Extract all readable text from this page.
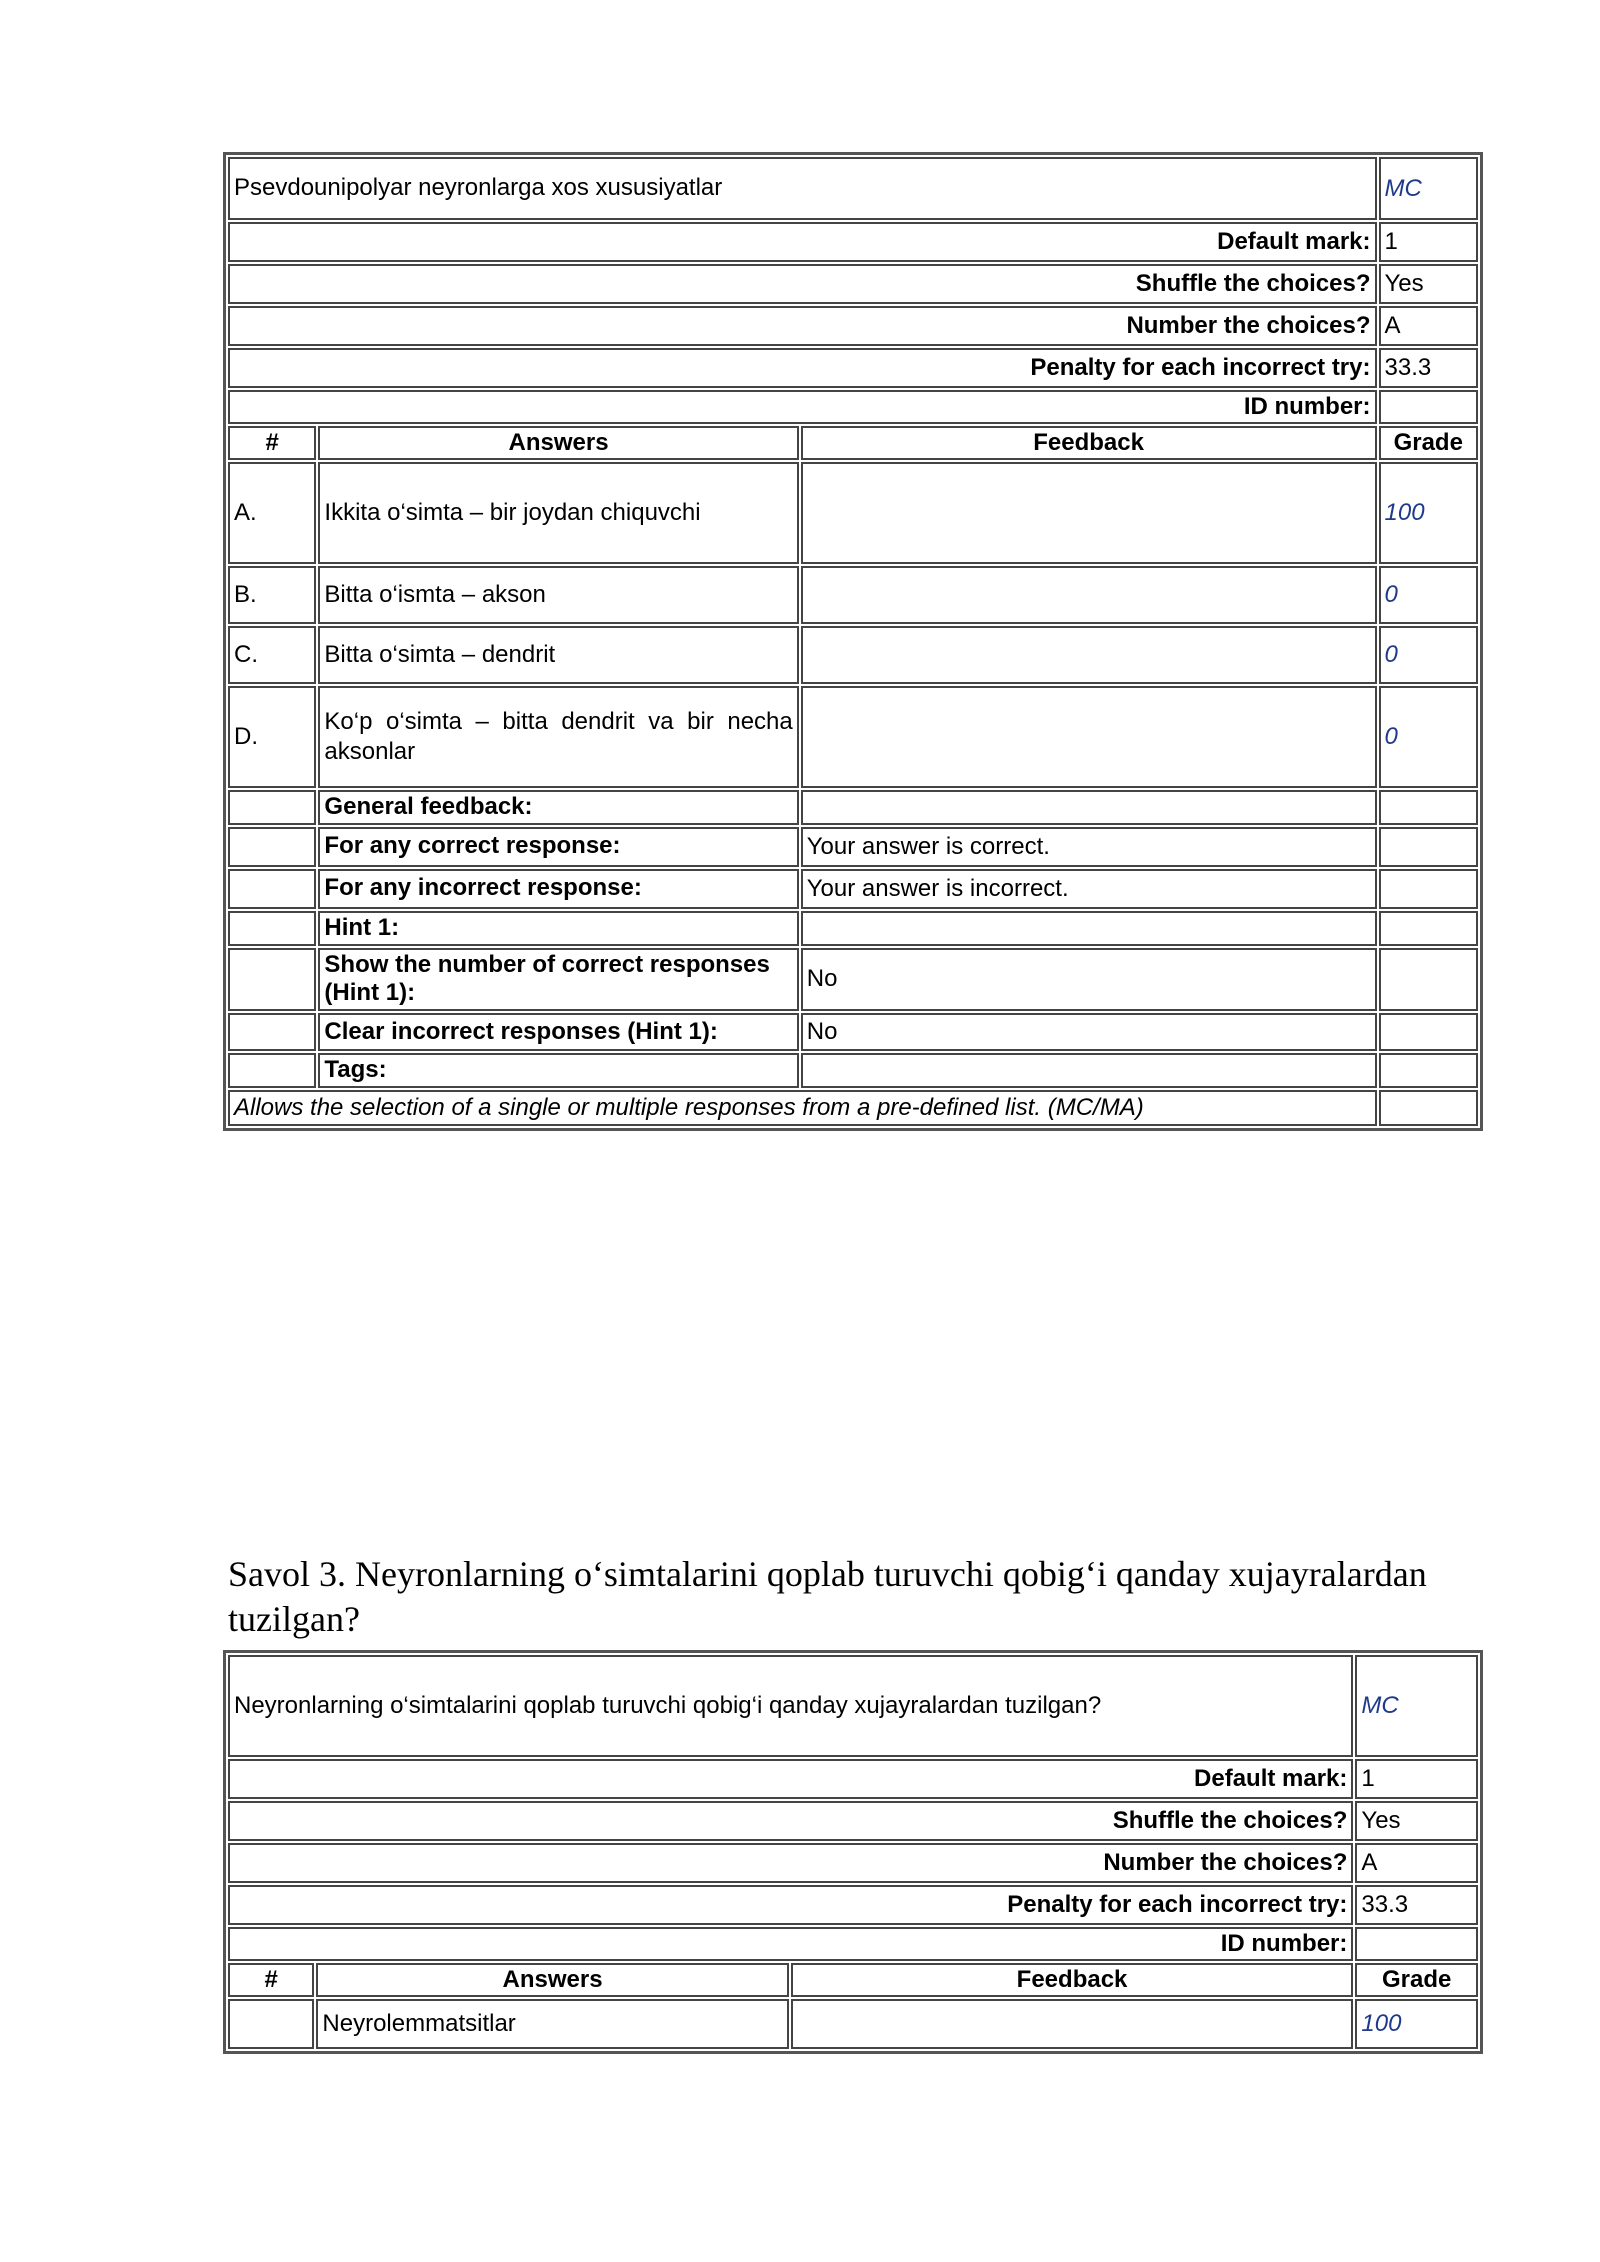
Psevdounipolyar neyronlarga xos xususiyatlar			MC
Default mark:			1
Shuffle the choices?			Yes
Number the choices?			A
Penalty for each incorrect try:			33.3
ID number:			
#	Answers	Feedback	Grade
A.	Ikkita o‘simta – bir joydan chiquvchi		100
B.	Bitta o‘ismta – akson		0
C.	Bitta o‘simta – dendrit		0
D.	Ko‘p o‘simta – bitta dendrit va bir necha aksonlar		0
	General feedback:		
	For any correct response:	Your answer is correct.	
	For any incorrect response:	Your answer is incorrect.	
	Hint 1:		
	Show the number of correct responses (Hint 1):	No	
	Clear incorrect responses (Hint 1):	No	
	Tags:		
Allows the selection of a single or multiple responses from a pre-defined list. (MC/MA)			
Savol 3. Neyronlarning o‘simtalarini qoplab turuvchi qobig‘i qanday xujayralardan tuzilgan?
Neyronlarning o‘simtalarini qoplab turuvchi qobig‘i qanday xujayralardan tuzilgan?			MC
Default mark:			1
Shuffle the choices?			Yes
Number the choices?			A
Penalty for each incorrect try:			33.3
ID number:			
#	Answers	Feedback	Grade
	Neyrolemmatsitlar		100
